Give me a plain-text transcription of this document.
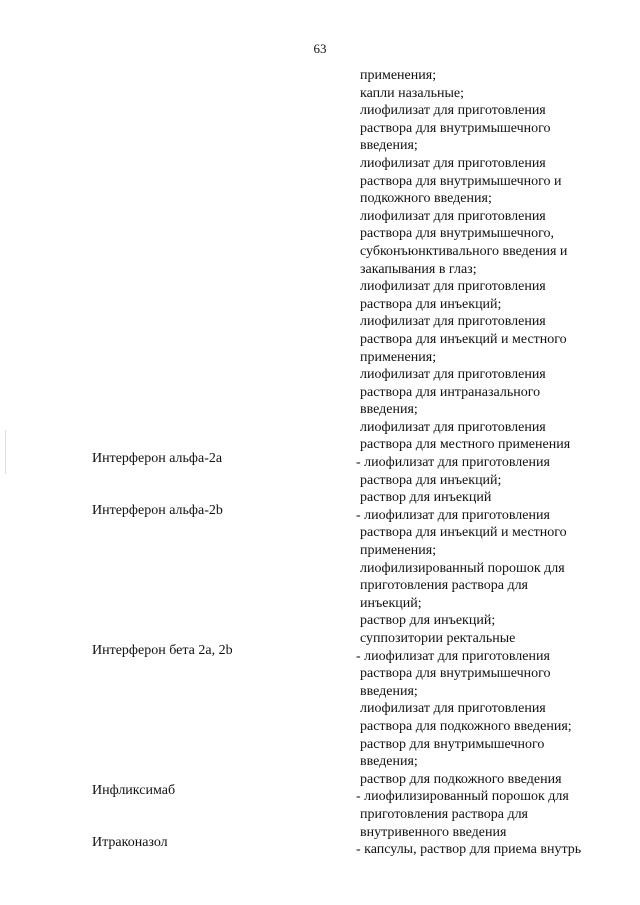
63
Интерферон альфа-2а
Интерферон альфа-2b
Интерферон бета 2а, 2b
Инфликсимаб
Итраконазол
применения;
капли назальные;
лиофилизат для приготовления
раствора для внутримышечного
введения;
лиофилизат для приготовления
раствора для внутримышечного и
подкожного введения;
лиофилизат для приготовления
раствора для внутримышечного,
субконъюнктивального введения и
закапывания в глаз;
лиофилизат для приготовления
раствора для инъекций;
лиофилизат для приготовления
раствора для инъекций и местного
применения;
лиофилизат для приготовления
раствора для интраназального
введения;
лиофилизат для приготовления
раствора для местного применения
- лиофилизат для приготовления
раствора для инъекций;
раствор для инъекций
- лиофилизат для приготовления
раствора для инъекций и местного
применения;
лиофилизированный порошок для
приготовления раствора для
инъекций;
раствор для инъекций;
суппозитории ректальные
- лиофилизат для приготовления
раствора для внутримышечного
введения;
лиофилизат для приготовления
раствора для подкожного введения;
раствор для внутримышечного
введения;
раствор для подкожного введения
- лиофилизированный порошок для
приготовления раствора для
внутривенного введения
- капсулы, раствор для приема внутрь
